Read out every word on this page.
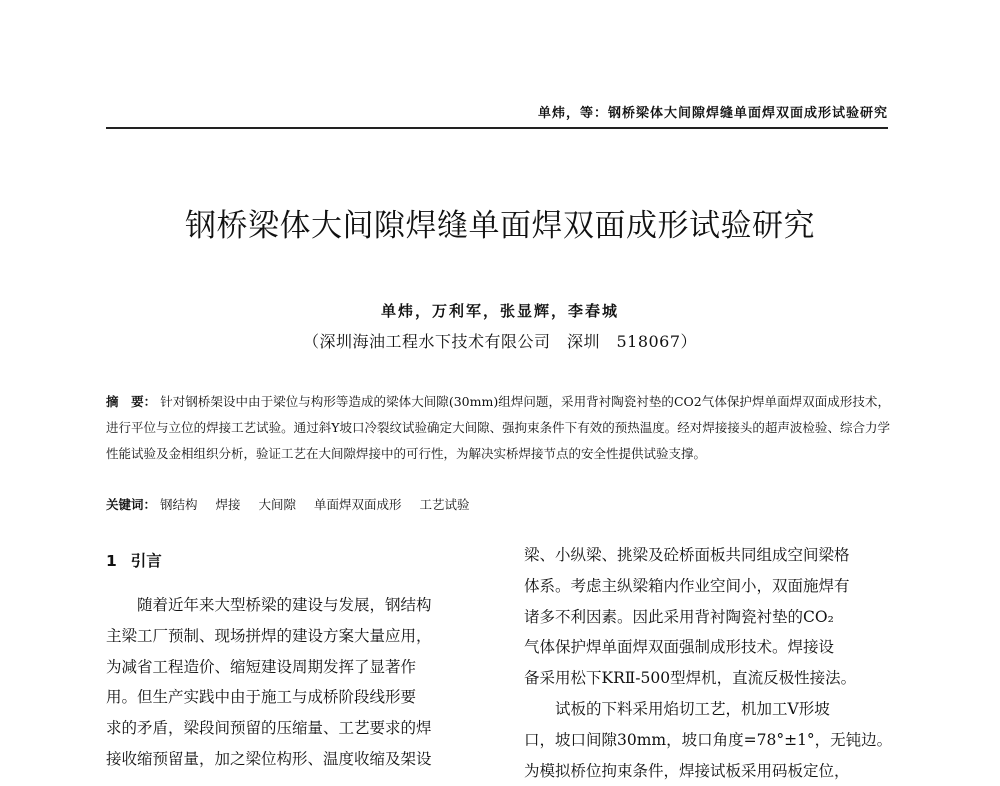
单炜，等：钢桥梁体大间隙焊缝单面焊双面成形试验研究
钢桥梁体大间隙焊缝单面焊双面成形试验研究
单炜，万利军，张显辉，李春城
（深圳海油工程水下技术有限公司　深圳　518067）

摘　要： 针对钢桥架设中由于梁位与构形等造成的梁体大间隙(30mm)组焊问题，采用背衬陶瓷衬垫的CO2气体保护焊单面焊双面成形技术，进行平位与立位的焊接工艺试验。通过斜Y坡口冷裂纹试验确定大间隙、强拘束条件下有效的预热温度。经对焊接接头的超声波检验、综合力学性能试验及金相组织分析，验证工艺在大间隙焊接中的可行性，为解决实桥焊接节点的安全性提供试验支撑。

关键词： 钢结构 焊接 大间隙 单面焊双面成形 工艺试验

1 引言
随着近年来大型桥梁的建设与发展，钢结构
主梁工厂预制、现场拼焊的建设方案大量应用，
为减省工程造价、缩短建设周期发挥了显著作
用。但生产实践中由于施工与成桥阶段线形要
求的矛盾，梁段间预留的压缩量、工艺要求的焊
接收缩预留量，加之梁位构形、温度收缩及架设
梁、小纵梁、挑梁及砼桥面板共同组成空间梁格
体系。考虑主纵梁箱内作业空间小，双面施焊有
诸多不利因素。因此采用背衬陶瓷衬垫的CO₂
气体保护焊单面焊双面强制成形技术。焊接设
备采用松下KRⅡ-500型焊机，直流反极性接法。
试板的下料采用焰切工艺，机加工V形坡
口，坡口间隙30mm，坡口角度=78°±1°，无钝边。
为模拟桥位拘束条件，焊接试板采用码板定位，
